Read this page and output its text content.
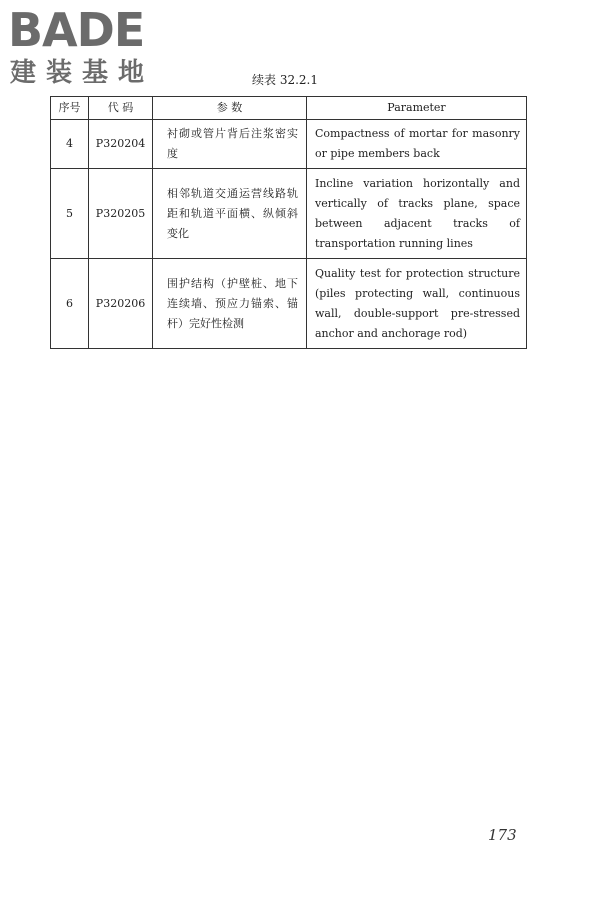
BADE
建装基地	续表 32.2.1
序号	代 码	参 数	Parameter
4	P320204	衬砌或管片背后注浆密实度	Compactness of mortar for masonry or pipe members back
5	P320205	相邻轨道交通运营线路轨距和轨道平面横、纵倾斜变化	Incline variation horizontally and vertically of tracks plane, space between adjacent tracks of transportation running lines
6	P320206	围护结构（护壁桩、地下连续墙、预应力锚索、锚杆）完好性检测	Quality test for protection structure (piles protecting wall, continuous wall, double-support pre-stressed anchor and anchorage rod)
173
